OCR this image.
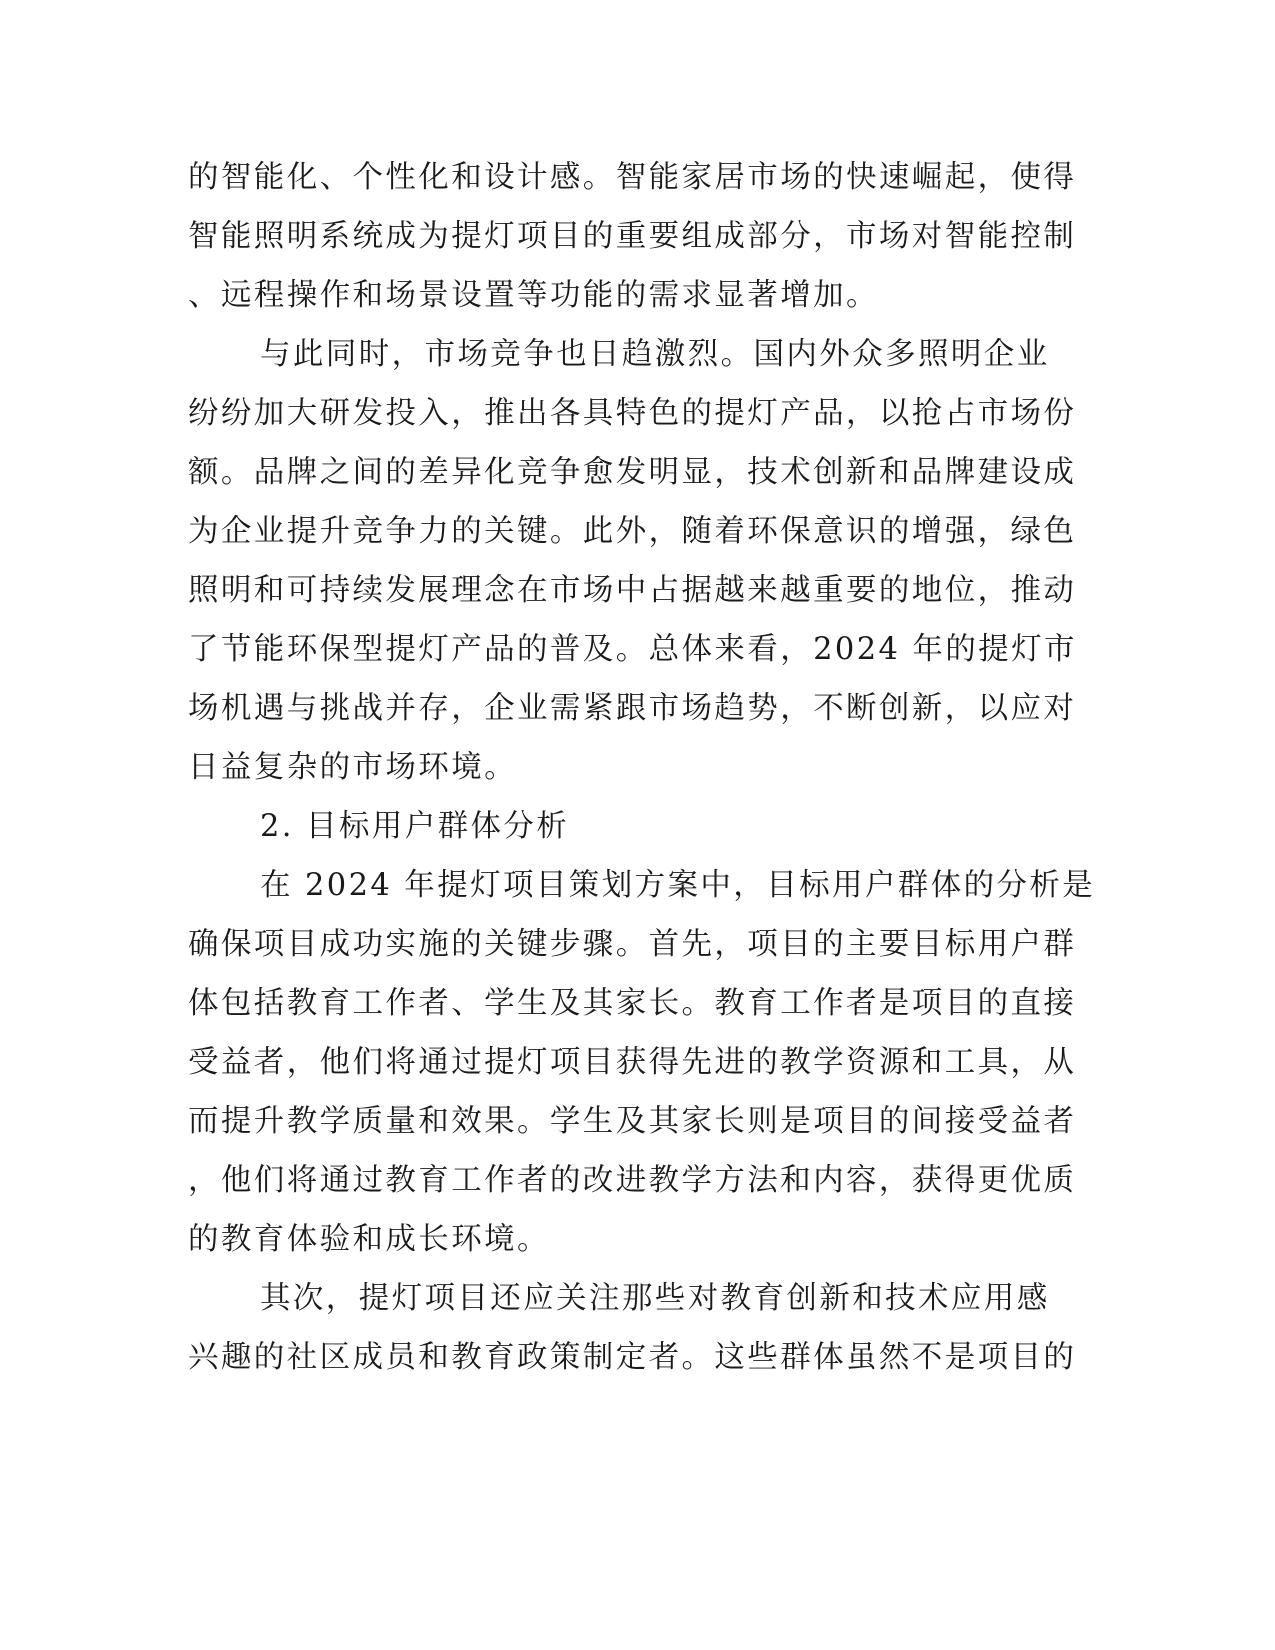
的智能化、个性化和设计感。智能家居市场的快速崛起，使得
智能照明系统成为提灯项目的重要组成部分，市场对智能控制
、远程操作和场景设置等功能的需求显著增加。
与此同时，市场竞争也日趋激烈。国内外众多照明企业
纷纷加大研发投入，推出各具特色的提灯产品，以抢占市场份
额。品牌之间的差异化竞争愈发明显，技术创新和品牌建设成
为企业提升竞争力的关键。此外，随着环保意识的增强，绿色
照明和可持续发展理念在市场中占据越来越重要的地位，推动
了节能环保型提灯产品的普及。总体来看，2024 年的提灯市
场机遇与挑战并存，企业需紧跟市场趋势，不断创新，以应对
日益复杂的市场环境。
2. 目标用户群体分析
在 2024 年提灯项目策划方案中，目标用户群体的分析是
确保项目成功实施的关键步骤。首先，项目的主要目标用户群
体包括教育工作者、学生及其家长。教育工作者是项目的直接
受益者，他们将通过提灯项目获得先进的教学资源和工具，从
而提升教学质量和效果。学生及其家长则是项目的间接受益者
，他们将通过教育工作者的改进教学方法和内容，获得更优质
的教育体验和成长环境。
其次，提灯项目还应关注那些对教育创新和技术应用感
兴趣的社区成员和教育政策制定者。这些群体虽然不是项目的
